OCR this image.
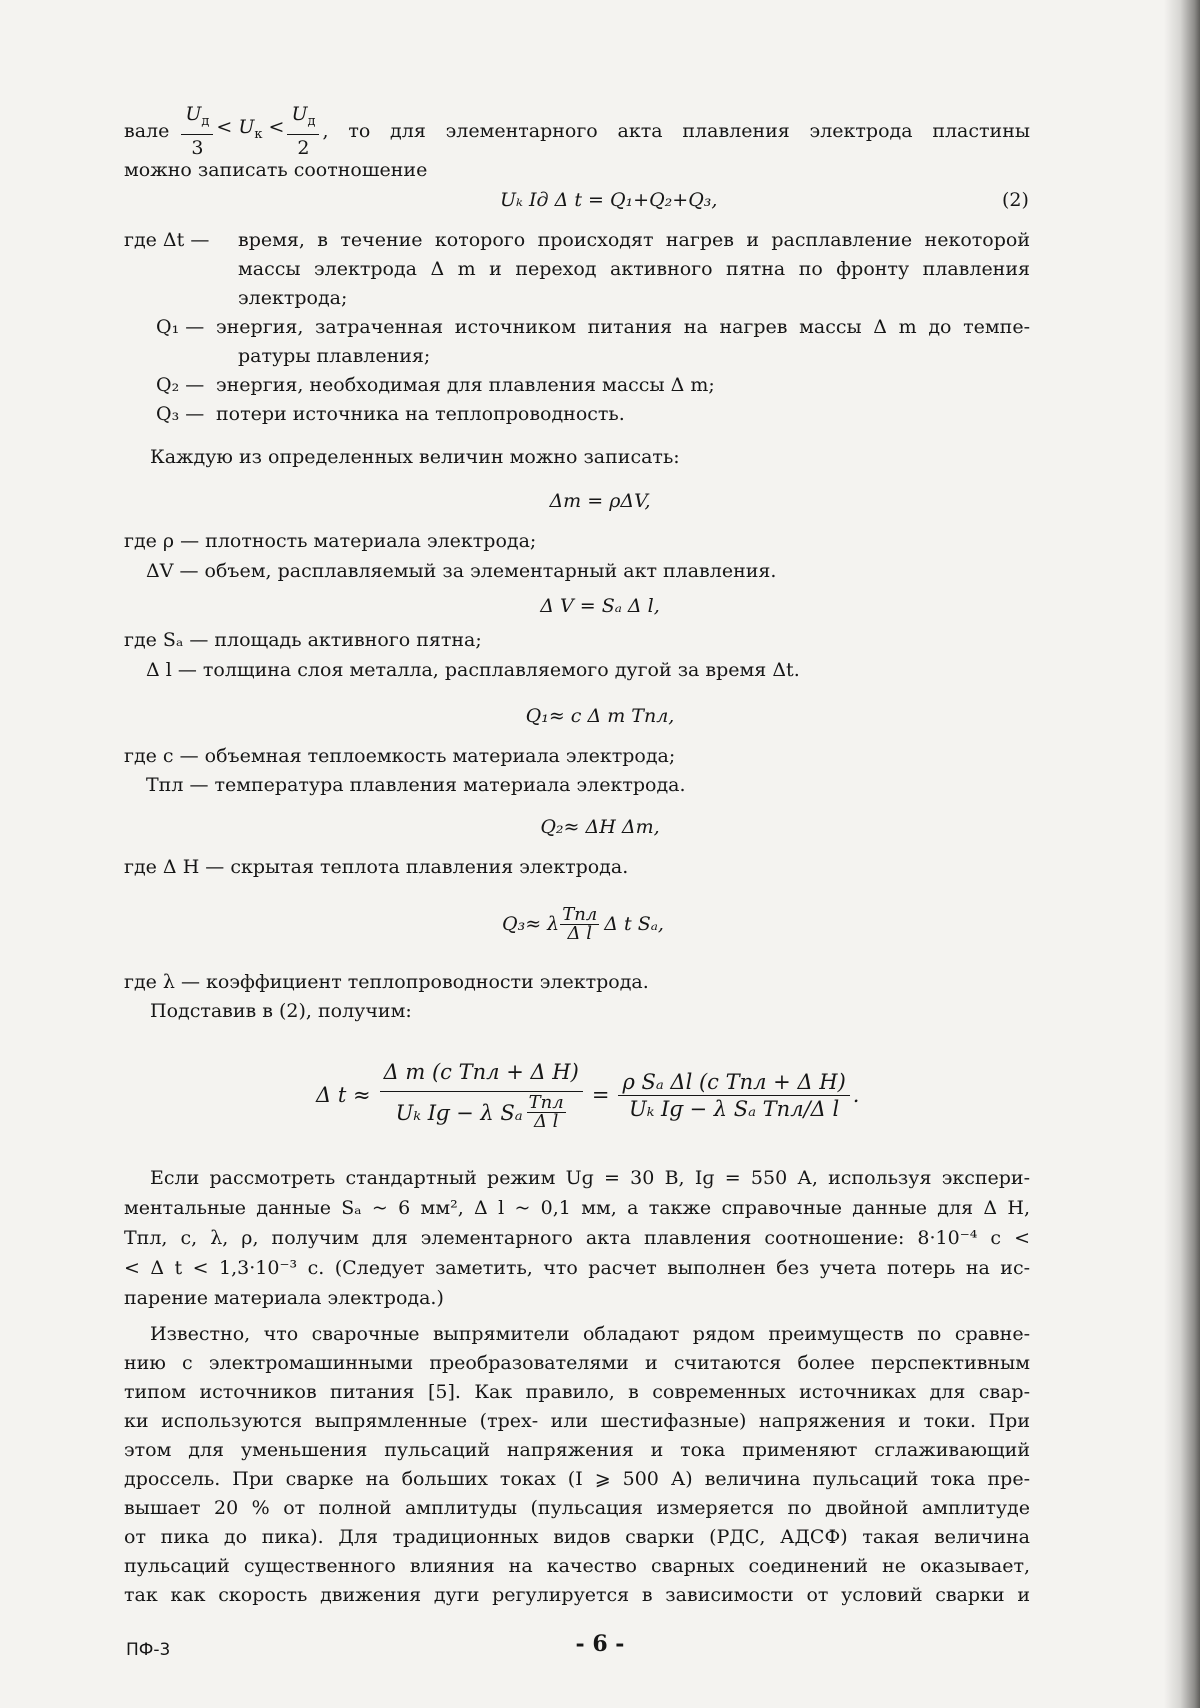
вале $\frac{U_д}{3} < U_к < \frac{U_д}{2}$ , то для элементарного акта плавления электрода пластины
можно записать соотношение
Uₖ Iд Δ t = Q₁+Q₂+Q₃,	(2)
где Δt — время, в течение которого происходят нагрев и расплавление некоторой
массы электрода Δ m и переход активного пятна по фронту плавления
электрода;
Q₁ — энергия, затраченная источником питания на нагрев массы Δ m до темпе-
ратуры плавления;
Q₂ — энергия, необходимая для плавления массы Δ m;
Q₃ — потери источника на теплопроводность.
Каждую из определенных величин можно записать:
Δm = ρΔV,
где ρ — плотность материала электрода;
ΔV — объем, расплавляемый за элементарный акт плавления.
Δ V = Sₐ Δ l,
где Sₐ — площадь активного пятна;
Δ l — толщина слоя металла, расплавляемого дугой за время Δt.
Q₁≈ c Δ m Tпл,
где c — объемная теплоемкость материала электрода;
Tпл — температура плавления материала электрода.
Q₂≈ ΔH Δm,
где Δ H — скрытая теплота плавления электрода.
Q₃≈ λ Tпл
Δ l Δ t Sₐ,
где λ — коэффициент теплопроводности электрода.
Подставив в (2), получим:
Δ t ≈ Δ m (c Tпл + Δ H)
Uₖ Iɡ − λ Sₐ Tпл
Δ $l = \frac{\text{ρ Sₐ Δl (c Tпл + Δ H)}}{\text{Uₖ Iɡ − λ Sₐ Tпл/Δ l}}$ .
Если рассмотреть стандартный режим Uɡ = 30 В, Iɡ = 550 А, используя экспери-
ментальные данные Sₐ ~ 6 мм², Δ l ~ 0,1 мм, а также справочные данные для Δ H,
Tпл, c, λ, ρ, получим для элементарного акта плавления соотношение: 8·10⁻⁴ с <
< Δ t < 1,3·10⁻³ с. (Следует заметить, что расчет выполнен без учета потерь на ис-
парение материала электрода.)
Известно, что сварочные выпрямители обладают рядом преимуществ по сравне-
нию с электромашинными преобразователями и считаются более перспективным
типом источников питания [5]. Как правило, в современных источниках для свар-
ки используются выпрямленные (трех- или шестифазные) напряжения и токи. При
этом для уменьшения пульсаций напряжения и тока применяют сглаживающий
дроссель. При сварке на больших токах (I ⩾ 500 А) величина пульсаций тока пре-
вышает 20 % от полной амплитуды (пульсация измеряется по двойной амплитуде
от пика до пика). Для традиционных видов сварки (РДС, АДСФ) такая величина
пульсаций существенного влияния на качество сварных соединений не оказывает,
так как скорость движения дуги регулируется в зависимости от условий сварки и
ПФ-3	- 6 -
